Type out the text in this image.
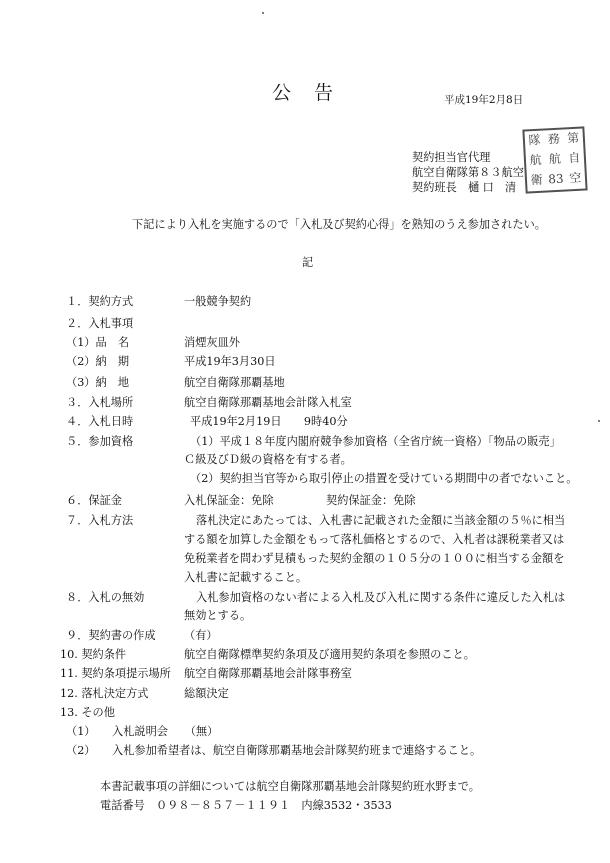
公　告	平成19年2月8日
契約担当官代理
航空自衛隊第８３航空
契約班長　樋 口　清
隊 務 第
航 航 自
衛 83 空
下記により入札を実施するので「入札及び契約心得」を熟知のうえ参加されたい。
記
１．契約方式	一般競争契約
２．入札事項
（1）品　名	消煙灰皿外
（2）納　期	平成19年3月30日
（3）納　地	航空自衛隊那覇基地
３．入札場所	航空自衛隊那覇基地会計隊入札室
４．入札日時	平成19年2月19日　　9時40分
５．参加資格	（1）平成１８年度内閣府競争参加資格（全省庁統一資格）「物品の販売」
Ｃ級及びＤ級の資格を有する者。
（2）契約担当官等から取引停止の措置を受けている期間中の者でないこと。
６．保証金	入札保証金：免除	契約保証金：免除
７．入札方法	落札決定にあたっては、入札書に記載された金額に当該金額の５％に相当
する額を加算した金額をもって落札価格とするので、入札者は課税業者又は
免税業者を問わず見積もった契約金額の１０５分の１００に相当する金額を
入札書に記載すること。
８．入札の無効	入札参加資格のない者による入札及び入札に関する条件に違反した入札は
無効とする。
９．契約書の作成	（有）
10. 契約条件	航空自衛隊標準契約条項及び適用契約条項を参照のこと。
11. 契約条項提示場所 航空自衛隊那覇基地会計隊事務室
12. 落札決定方式	総額決定
13. その他
（1） 入札説明会　　（無）
（2） 入札参加希望者は、航空自衛隊那覇基地会計隊契約班まで連絡すること。
本書記載事項の詳細については航空自衛隊那覇基地会計隊契約班水野まで。
電話番号　０９８－８５７－１１９１　内線3532・3533
